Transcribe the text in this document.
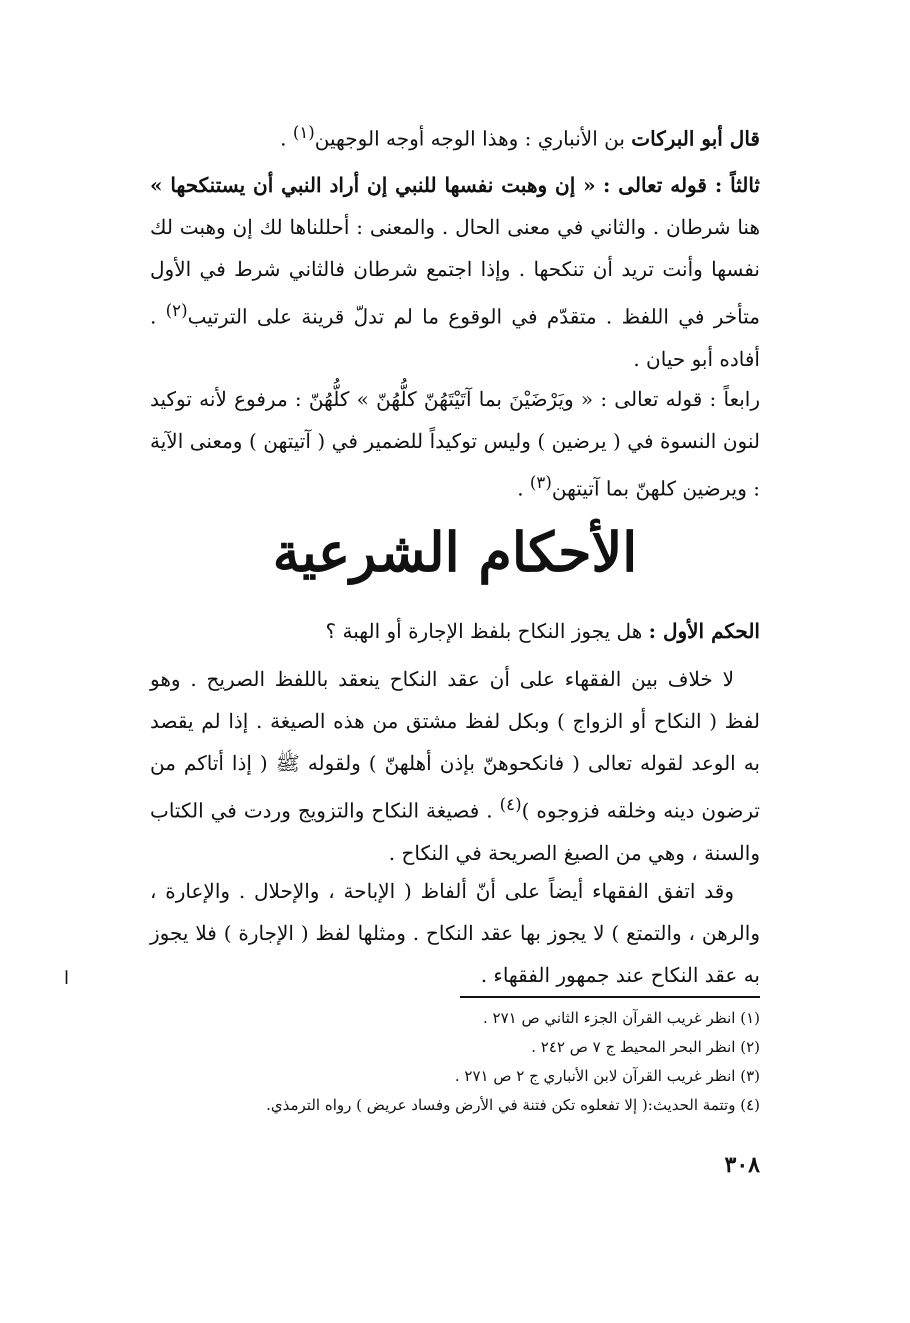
قال أبو البركات بن الأنباري : وهذا الوجه أوجه الوجهين$^{(١)}$ .
ثالثاً : قوله تعالى : « إن وهبت نفسها للنبي إن أراد النبي أن يستنكحها » هنا شرطان . والثاني في معنى الحال . والمعنى : أحللناها لك إن وهبت لك نفسها وأنت تريد أن تنكحها . وإذا اجتمع شرطان فالثاني شرط في الأول متأخر في اللفظ . متقدّم في الوقوع ما لم تدلّ قرينة على الترتيب$^{(٢)}$ . أفاده أبو حيان .
رابعاً : قوله تعالى : « ويَرْضَيْنَ بما آتَيْتَهُنّ كلُّهُنّ » كلُّهُنّ : مرفوع لأنه توكيد لنون النسوة في ( يرضين ) وليس توكيداً للضمير في ( آتيتهن ) ومعنى الآية : ويرضين كلهنّ بما آتيتهن$^{(٣)}$ .
الأحكام الشرعية
الحكم الأول : هل يجوز النكاح بلفظ الإجارة أو الهبة ؟
لا خلاف بين الفقهاء على أن عقد النكاح ينعقد باللفظ الصريح . وهو لفظ ( النكاح أو الزواج ) وبكل لفظ مشتق من هذه الصيغة . إذا لم يقصد به الوعد لقوله تعالى ( فانكحوهنّ بإذن أهلهنّ ) ولقوله ﷺ ( إذا أتاكم من ترضون دينه وخلقه فزوجوه )$^{(٤)}$ . فصيغة النكاح والتزويج وردت في الكتاب والسنة ، وهي من الصيغ الصريحة في النكاح .
وقد اتفق الفقهاء أيضاً على أنّ ألفاظ ( الإباحة ، والإحلال . والإعارة ، والرهن ، والتمتع ) لا يجوز بها عقد النكاح . ومثلها لفظ ( الإجارة ) فلا يجوز به عقد النكاح عند جمهور الفقهاء .
ا
(١) انظر غريب القرآن الجزء الثاني ص ٢٧١ .
(٢) انظر البحر المحيط ج ٧ ص ٢٤٢ .
(٣) انظر غريب القرآن لابن الأنباري ج ٢ ص ٢٧١ .
(٤) وتتمة الحديث:( إلا تفعلوه تكن فتنة في الأرض وفساد عريض ) رواه الترمذي.
٣٠٨
